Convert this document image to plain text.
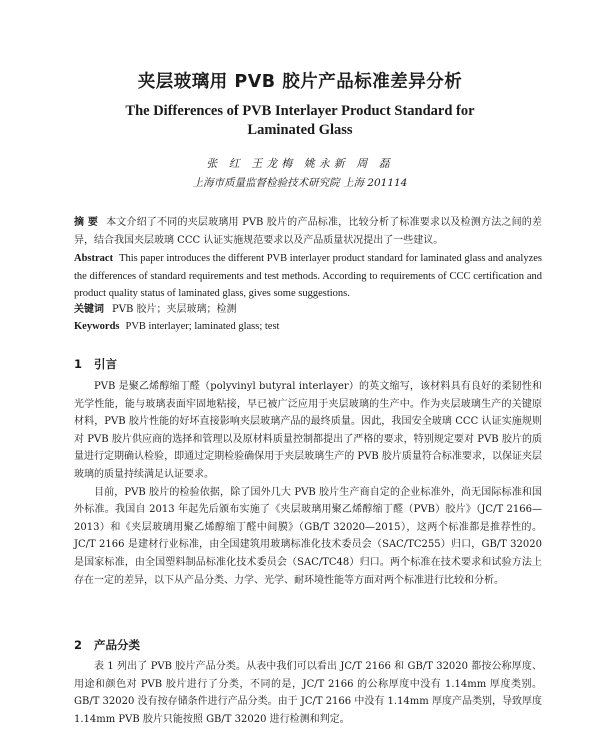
夹层玻璃用 PVB 胶片产品标准差异分析
The Differences of PVB Interlayer Product Standard for Laminated Glass
张 红 王龙梅 姚永新 周 磊
上海市质量监督检验技术研究院 上海 201114
摘 要 本文介绍了不同的夹层玻璃用 PVB 胶片的产品标准，比较分析了标准要求以及检测方法之间的差异，结合我国夹层玻璃 CCC 认证实施规范要求以及产品质量状况提出了一些建议。
Abstract This paper introduces the different PVB interlayer product standard for laminated glass and analyzes the differences of standard requirements and test methods. According to requirements of CCC certification and product quality status of laminated glass, gives some suggestions.
关键词 PVB 胶片；夹层玻璃；检测
Keywords PVB interlayer; laminated glass; test
1 引言

PVB 是聚乙烯醇缩丁醛（polyvinyl butyral interlayer）的英文缩写，该材料具有良好的柔韧性和光学性能，能与玻璃表面牢固地粘接，早已被广泛应用于夹层玻璃的生产中。作为夹层玻璃生产的关键原材料，PVB 胶片性能的好坏直接影响夹层玻璃产品的最终质量。因此，我国安全玻璃 CCC 认证实施规则对 PVB 胶片供应商的选择和管理以及原材料质量控制都提出了严格的要求，特别规定要对 PVB 胶片的质量进行定期确认检验，即通过定期检验确保用于夹层玻璃生产的 PVB 胶片质量符合标准要求，以保证夹层玻璃的质量持续满足认证要求。

目前，PVB 胶片的检验依据，除了国外几大 PVB 胶片生产商自定的企业标准外，尚无国际标准和国外标准。我国自 2013 年起先后颁布实施了《夹层玻璃用聚乙烯醇缩丁醛（PVB）胶片》（JC/T 2166—2013）和《夹层玻璃用聚乙烯醇缩丁醛中间膜》（GB/T 32020—2015），这两个标准都是推荐性的。JC/T 2166 是建材行业标准，由全国建筑用玻璃标准化技术委员会（SAC/TC255）归口，GB/T 32020 是国家标准，由全国塑料制品标准化技术委员会（SAC/TC48）归口。两个标准在技术要求和试验方法上存在一定的差异，以下从产品分类、力学、光学、耐环境性能等方面对两个标准进行比较和分析。

2 产品分类

表 1 列出了 PVB 胶片产品分类。从表中我们可以看出 JC/T 2166 和 GB/T 32020 都按公称厚度、用途和颜色对 PVB 胶片进行了分类，不同的是，JC/T 2166 的公称厚度中没有 1.14mm 厚度类别。GB/T 32020 没有按存储条件进行产品分类。由于 JC/T 2166 中没有 1.14mm 厚度产品类别，导致厚度 1.14mm PVB 胶片只能按照 GB/T 32020 进行检测和判定。
